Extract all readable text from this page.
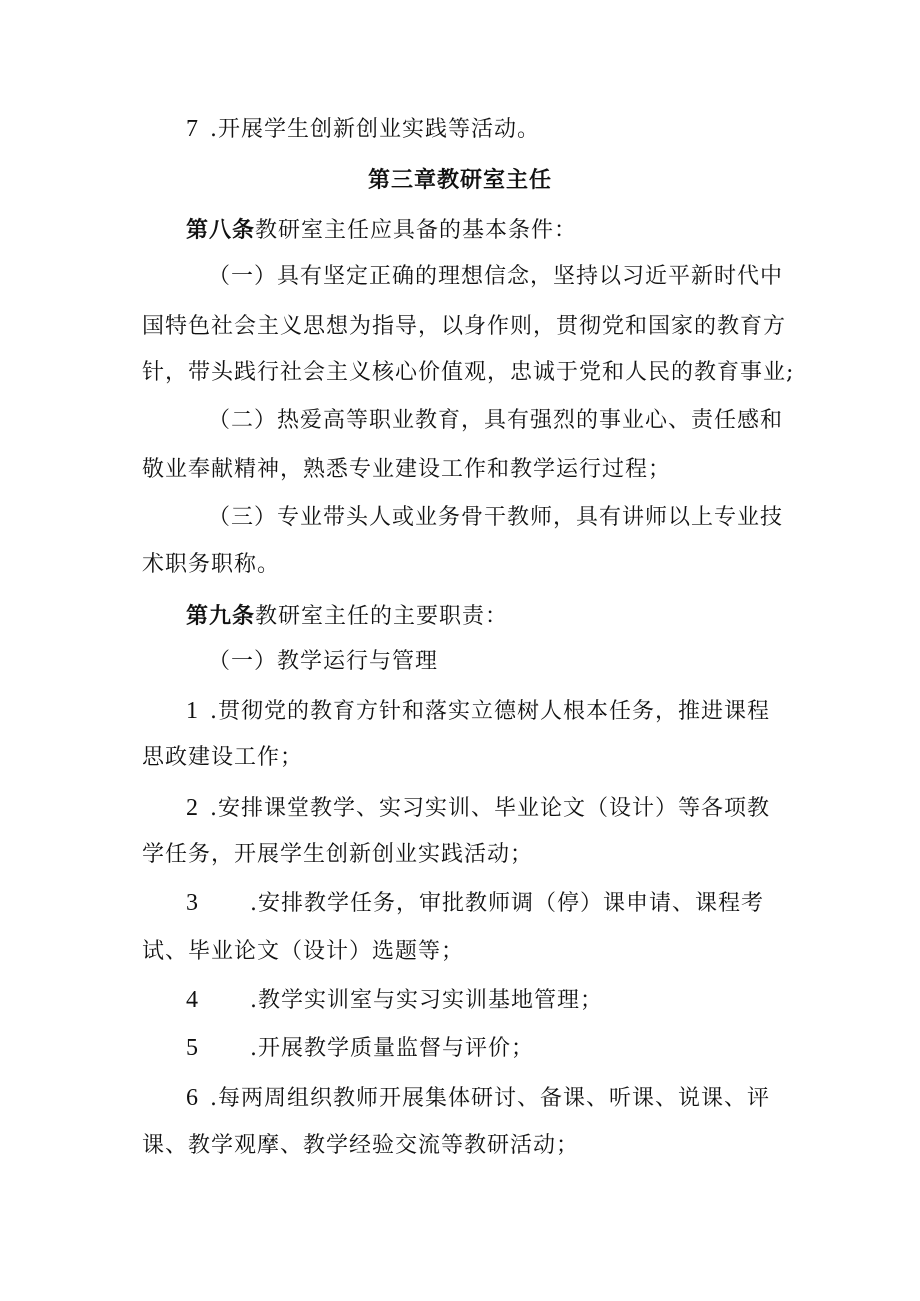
7 .开展学生创新创业实践等活动。
第三章教研室主任
第八条教研室主任应具备的基本条件：
（一）具有坚定正确的理想信念，坚持以习近平新时代中
国特色社会主义思想为指导，以身作则，贯彻党和国家的教育方
针，带头践行社会主义核心价值观，忠诚于党和人民的教育事业;
（二）热爱高等职业教育，具有强烈的事业心、责任感和
敬业奉献精神，熟悉专业建设工作和教学运行过程；
（三）专业带头人或业务骨干教师，具有讲师以上专业技
术职务职称。
第九条教研室主任的主要职责：
（一）教学运行与管理
1 .贯彻党的教育方针和落实立德树人根本任务，推进课程
思政建设工作；
2 .安排课堂教学、实习实训、毕业论文（设计）等各项教
学任务，开展学生创新创业实践活动；
3 .安排教学任务，审批教师调（停）课申请、课程考
试、毕业论文（设计）选题等；
4 .教学实训室与实习实训基地管理；
5 .开展教学质量监督与评价；
6 .每两周组织教师开展集体研讨、备课、听课、说课、评
课、教学观摩、教学经验交流等教研活动；
